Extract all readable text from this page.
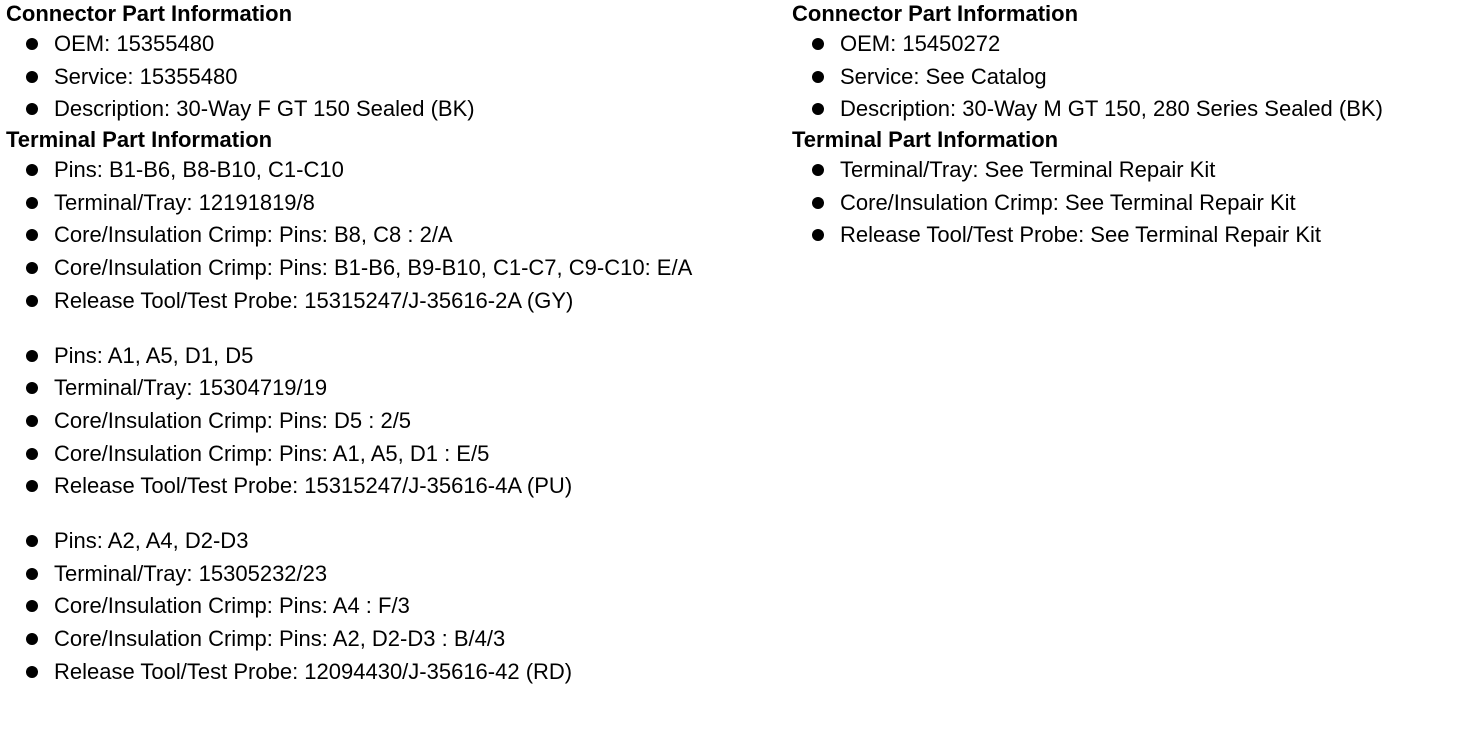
Connector Part Information
OEM: 15355480
Service: 15355480
Description: 30-Way F GT 150 Sealed (BK)
Terminal Part Information
Pins: B1-B6, B8-B10, C1-C10
Terminal/Tray: 12191819/8
Core/Insulation Crimp: Pins: B8, C8 : 2/A
Core/Insulation Crimp: Pins: B1-B6, B9-B10, C1-C7, C9-C10: E/A
Release Tool/Test Probe: 15315247/J-35616-2A (GY)
Pins: A1, A5, D1, D5
Terminal/Tray: 15304719/19
Core/Insulation Crimp: Pins: D5 : 2/5
Core/Insulation Crimp: Pins: A1, A5, D1 : E/5
Release Tool/Test Probe: 15315247/J-35616-4A (PU)
Pins: A2, A4, D2-D3
Terminal/Tray: 15305232/23
Core/Insulation Crimp: Pins: A4 : F/3
Core/Insulation Crimp: Pins: A2, D2-D3 : B/4/3
Release Tool/Test Probe: 12094430/J-35616-42 (RD)
Connector Part Information
OEM: 15450272
Service: See Catalog
Description: 30-Way M GT 150, 280 Series Sealed (BK)
Terminal Part Information
Terminal/Tray: See Terminal Repair Kit
Core/Insulation Crimp: See Terminal Repair Kit
Release Tool/Test Probe: See Terminal Repair Kit
